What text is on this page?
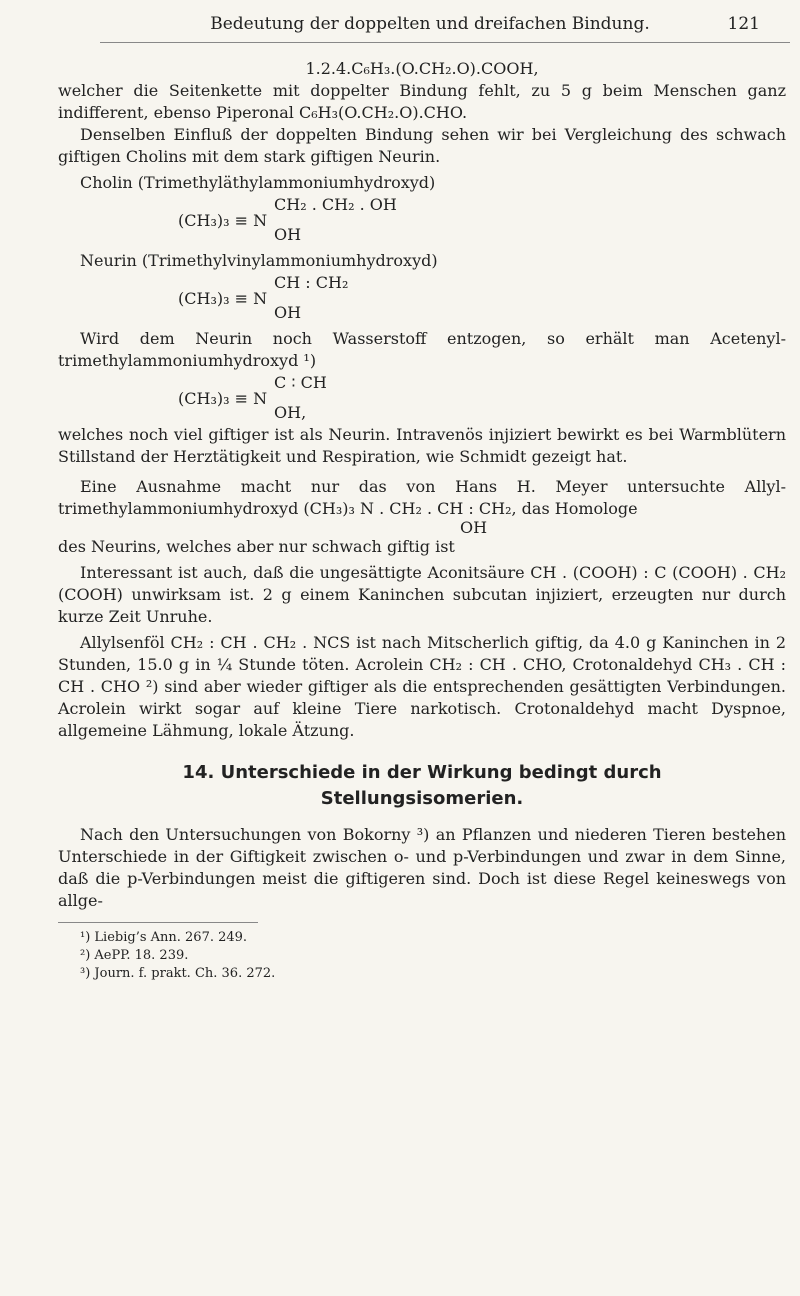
Bedeutung der doppelten und dreifachen Bindung.	121

1.2.4.C₆H₃.(O.CH₂.O).COOH,

welcher die Seitenkette mit doppelter Bindung fehlt, zu 5 g beim Menschen ganz indifferent, ebenso Piperonal C₆H₃(O.CH₂.O).CHO.

Denselben Einfluß der doppelten Bindung sehen wir bei Vergleichung des schwach giftigen Cholins mit dem stark giftigen Neurin.

Cholin (Trimethyläthylammoniumhydroxyd)

(CH₃)₃ ≡ N
CH₂ . CH₂ . OH
OH

Neurin (Trimethylvinylammoniumhydroxyd)

(CH₃)₃ ≡ N
CH : CH₂
OH

Wird dem Neurin noch Wasserstoff entzogen, so erhält man Acetenyl-trimethylammoniumhydroxyd ¹)

(CH₃)₃ ≡ N
C ∶ CH
OH,

welches noch viel giftiger ist als Neurin. Intravenös injiziert bewirkt es bei Warmblütern Stillstand der Herztätigkeit und Respiration, wie Schmidt gezeigt hat.

Eine Ausnahme macht nur das von Hans H. Meyer untersuchte Allyl-trimethylammoniumhydroxyd (CH₃)₃ N . CH₂ . CH : CH₂, das Homologe

OH

des Neurins, welches aber nur schwach giftig ist

Interessant ist auch, daß die ungesättigte Aconitsäure CH . (COOH) : C (COOH) . CH₂ (COOH) unwirksam ist. 2 g einem Kaninchen subcutan injiziert, erzeugten nur durch kurze Zeit Unruhe.

Allylsenföl CH₂ : CH . CH₂ . NCS ist nach Mitscherlich giftig, da 4.0 g Kaninchen in 2 Stunden, 15.0 g in ¼ Stunde töten. Acrolein CH₂ : CH . CHO, Crotonaldehyd CH₃ . CH : CH . CHO ²) sind aber wieder giftiger als die entsprechenden gesättigten Verbindungen. Acrolein wirkt sogar auf kleine Tiere narkotisch. Crotonaldehyd macht Dyspnoe, allgemeine Lähmung, lokale Ätzung.

14. Unterschiede in der Wirkung bedingt durch Stellungsisomerien.

Nach den Untersuchungen von Bokorny ³) an Pflanzen und niederen Tieren bestehen Unterschiede in der Giftigkeit zwischen o- und p-Verbindungen und zwar in dem Sinne, daß die p-Verbindungen meist die giftigeren sind. Doch ist diese Regel keineswegs von allge-

¹) Liebig’s Ann. 267. 249.

²) AePP. 18. 239.

³) Journ. f. prakt. Ch. 36. 272.
